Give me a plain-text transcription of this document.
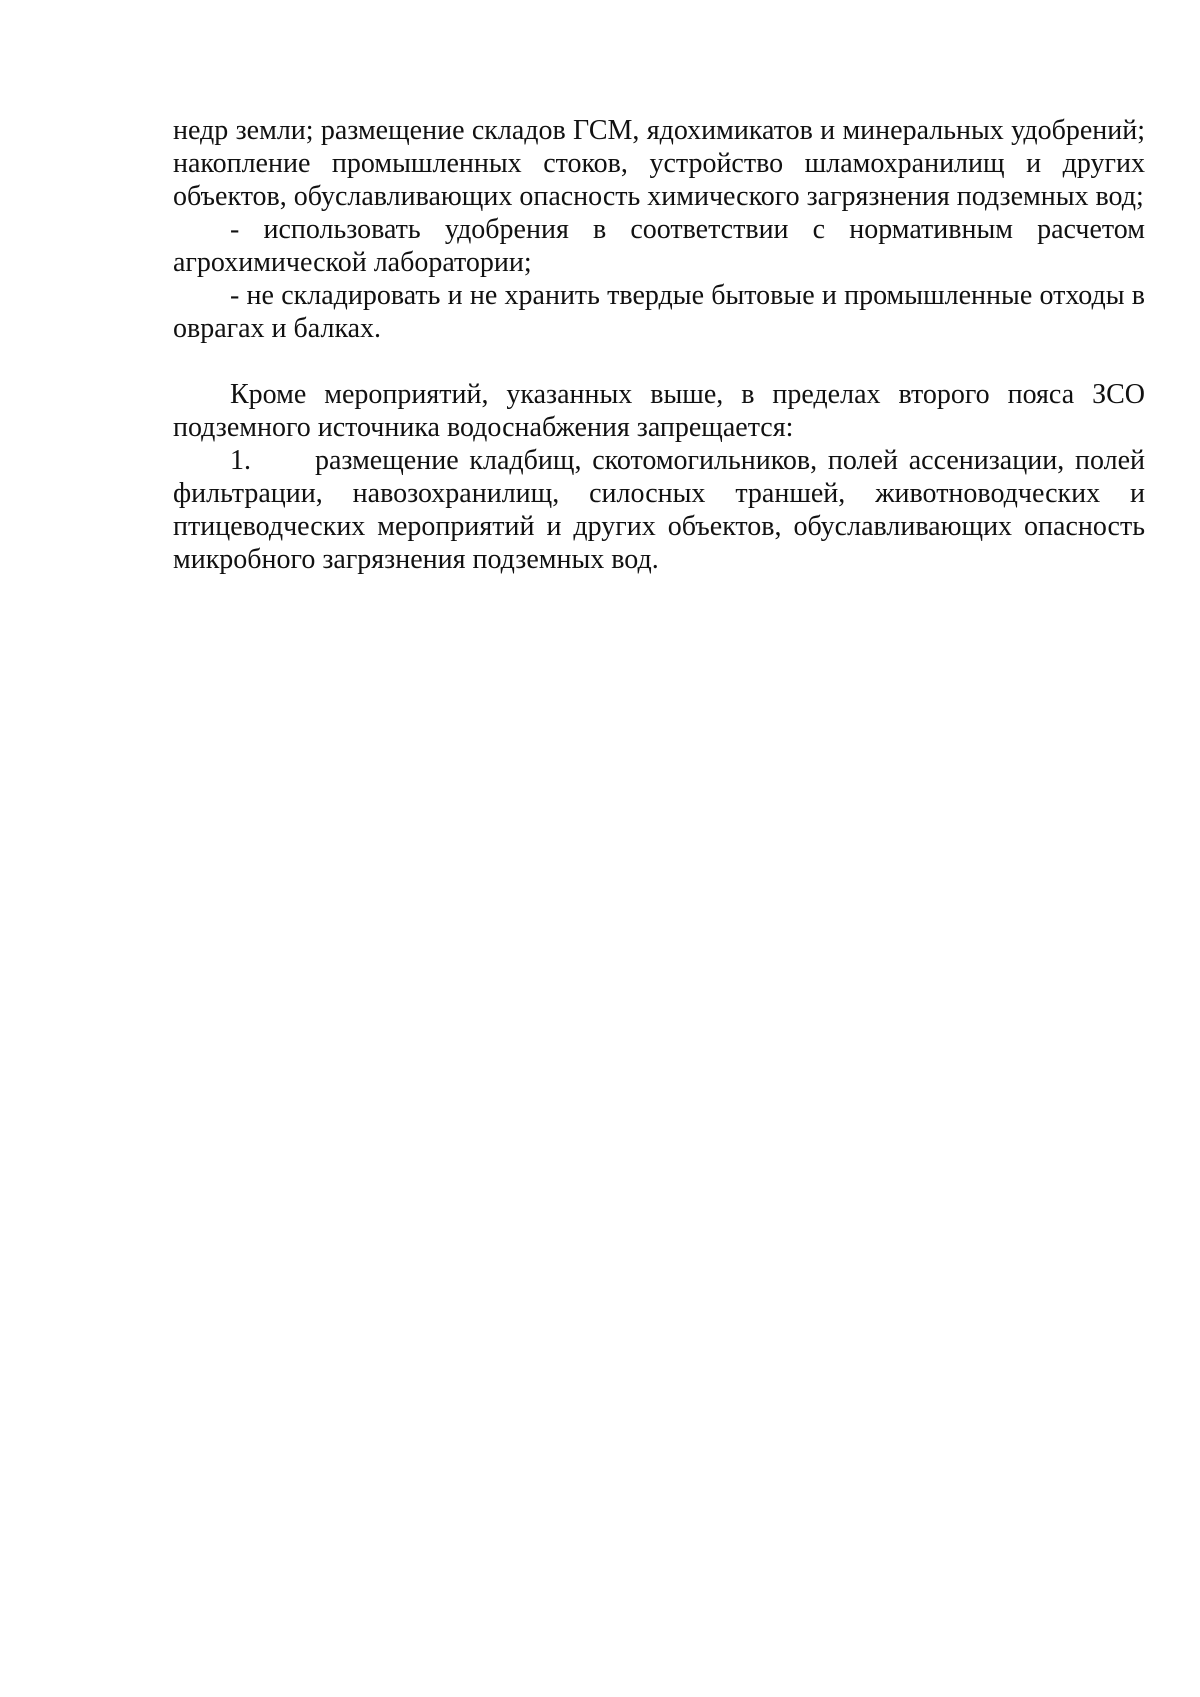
недр земли; размещение складов ГСМ, ядохимикатов и минеральных удобрений; накопление промышленных стоков, устройство шламохранилищ и других объектов, обуславливающих опасность химического загрязнения подземных вод;

- использовать удобрения в соответствии с нормативным расчетом агрохимической лаборатории;

- не складировать и не хранить твердые бытовые и промышленные отходы в оврагах и балках.

Кроме мероприятий, указанных выше, в пределах второго пояса ЗСО подземного источника водоснабжения запрещается:

1. размещение кладбищ, скотомогильников, полей ассенизации, полей фильтрации, навозохранилищ, силосных траншей, животноводческих и птицеводческих мероприятий и других объектов, обуславливающих опасность микробного загрязнения подземных вод.
